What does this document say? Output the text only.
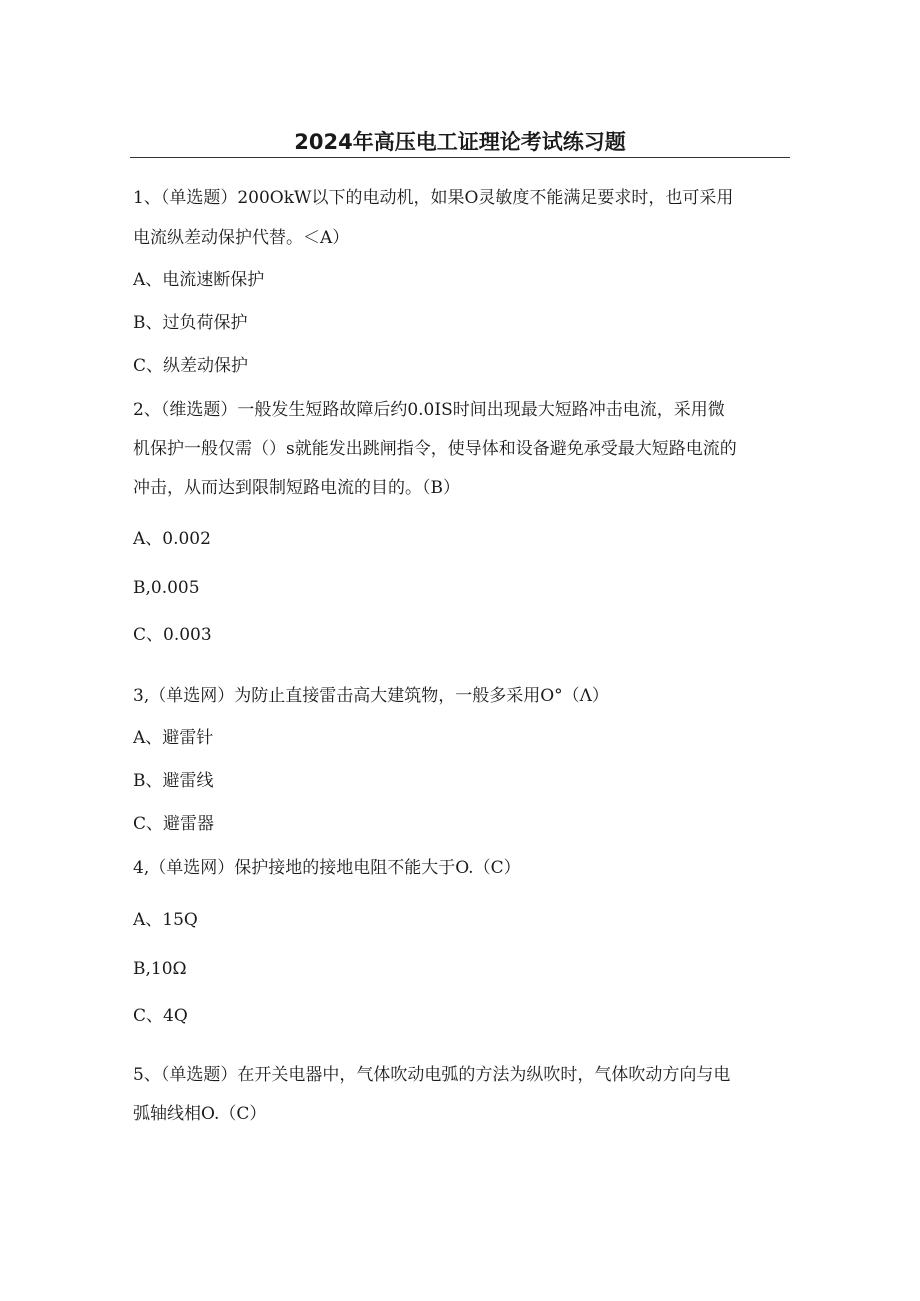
2024年高压电工证理论考试练习题
1、（单选题）200OkW以下的电动机，如果O灵敏度不能满足要求时，也可采用
电流纵差动保护代替。＜A）
A、电流速断保护
B、过负荷保护
C、纵差动保护
2、（维选题）一般发生短路故障后约0.0IS时间出现最大短路冲击电流，采用微
机保护一般仅需（）s就能发出跳闸指令，使导体和设备避免承受最大短路电流的
冲击，从而达到限制短路电流的目的。（B）
A、0.002
B,0.005
C、0.003
3,（单选网）为防止直接雷击高大建筑物，一般多采用O°（Λ）
A、避雷针
B、避雷线
C、避雷器
4,（单选网）保护接地的接地电阻不能大于O.（C）
A、15Q
B,10Ω
C、4Q
5、（单选题）在开关电器中，气体吹动电弧的方法为纵吹时，气体吹动方向与电
弧轴线相O.（C）
